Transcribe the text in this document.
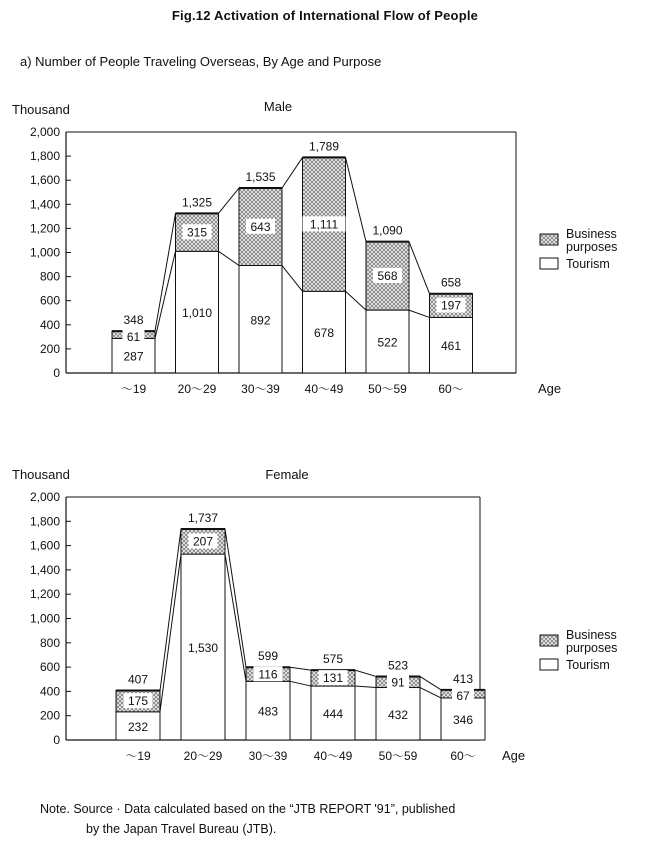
Fig.12 Activation of International Flow of People
a) Number of People Traveling Overseas, By Age and Purpose
Thousand	Male
0
200
400
600
800
1,000
1,200
1,400
1,600
1,800
2,000
61
287
348
〜19
315
1,010
1,325
20〜29
643
892
1,535
30〜39
1,111
678
1,789
40〜49
568
522
1,090
50〜59
197
461
658
60〜	Age
Business
purposes
Tourism
Thousand	Female
0
200
400
600
800
1,000
1,200
1,400
1,600
1,800
2,000
175
232
407
〜19
207
1,530
1,737
20〜29
116
483
599
30〜39
131
444
575
40〜49
91
432
523
50〜59
67
346
413
60〜 Age
Business
purposes
Tourism
Note. Source · Data calculated based on the “JTB REPORT '91”, published
by the Japan Travel Bureau (JTB).
